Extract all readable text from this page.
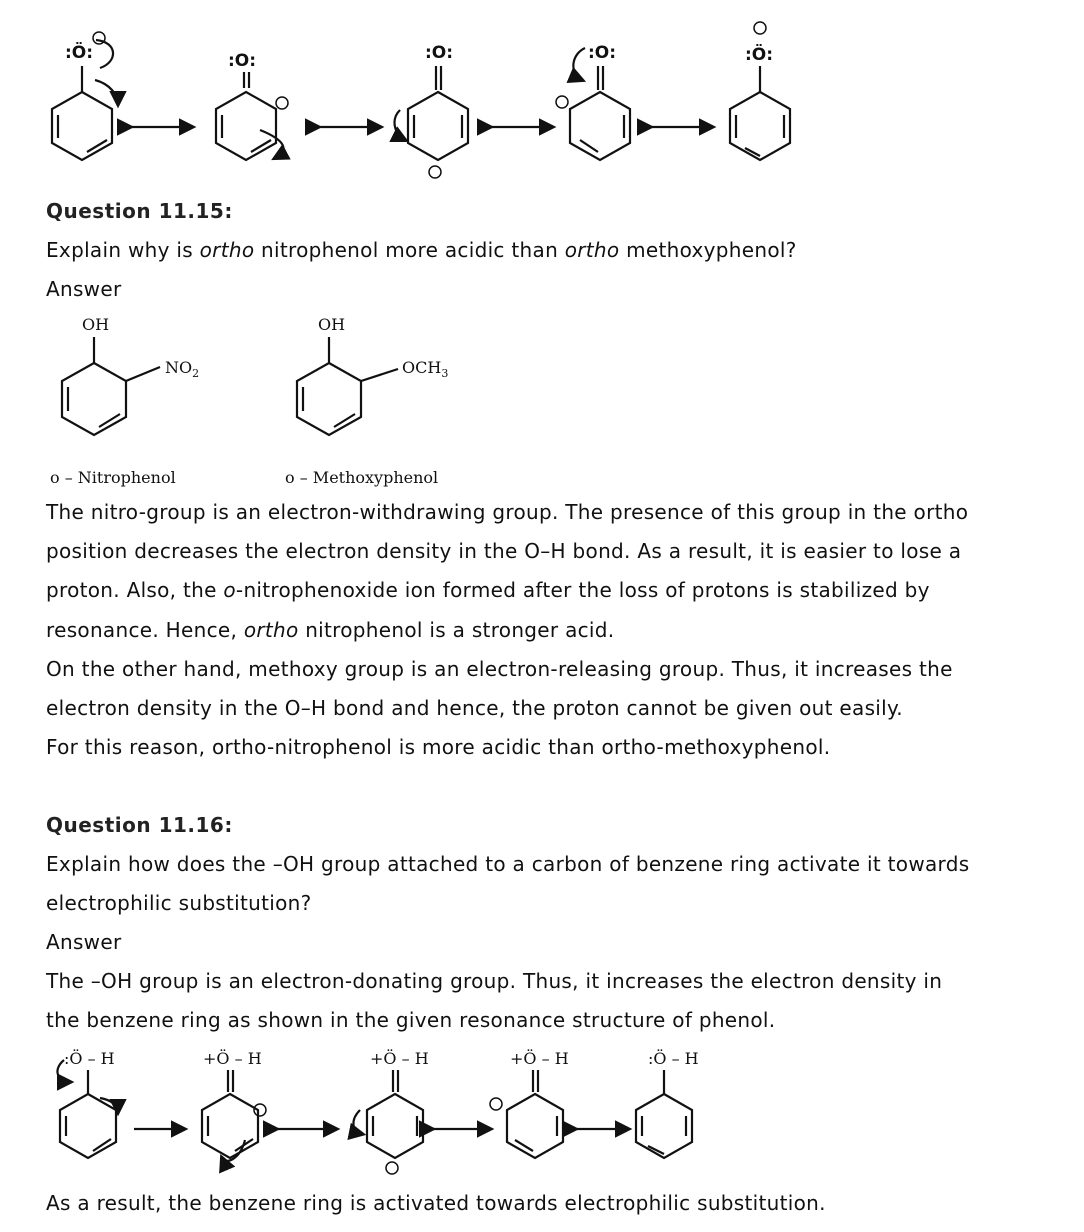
:Ö:	:O:	:O:	:O:	:Ö:
Question 11.15:
Explain why is ortho nitrophenol more acidic than ortho methoxyphenol?
Answer
OH
$NO_2$
OH
$OCH_3$
o – Nitrophenol	o – Methoxyphenol
The nitro-group is an electron-withdrawing group. The presence of this group in the ortho
position decreases the electron density in the O–H bond. As a result, it is easier to lose a
proton. Also, the o-nitrophenoxide ion formed after the loss of protons is stabilized by
resonance. Hence, ortho nitrophenol is a stronger acid.
On the other hand, methoxy group is an electron-releasing group. Thus, it increases the
electron density in the O–H bond and hence, the proton cannot be given out easily.
For this reason, ortho-nitrophenol is more acidic than ortho-methoxyphenol.
Question 11.16:
Explain how does the –OH group attached to a carbon of benzene ring activate it towards
electrophilic substitution?
Answer
The –OH group is an electron-donating group. Thus, it increases the electron density in
the benzene ring as shown in the given resonance structure of phenol.
:Ö – H	+Ö – H	+Ö – H	+Ö – H	:Ö – H
As a result, the benzene ring is activated towards electrophilic substitution.
